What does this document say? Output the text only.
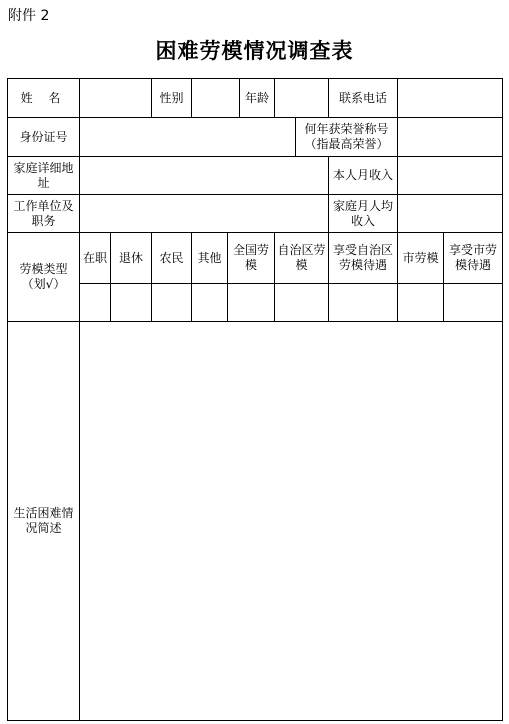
附件 2
困难劳模情况调查表
姓 名			性别			年龄			联系电话		
身份证号								何年获荣誉称号（指最高荣誉）			
家庭详细地址									本人月收入		
工作单位及职务									家庭月人均收入		
劳模类型（划√）	在职	退休	农民	其他	全国劳模		自治区劳模		享受自治区劳模待遇	市劳模	享受市劳模待遇

生活困难情况简述											
